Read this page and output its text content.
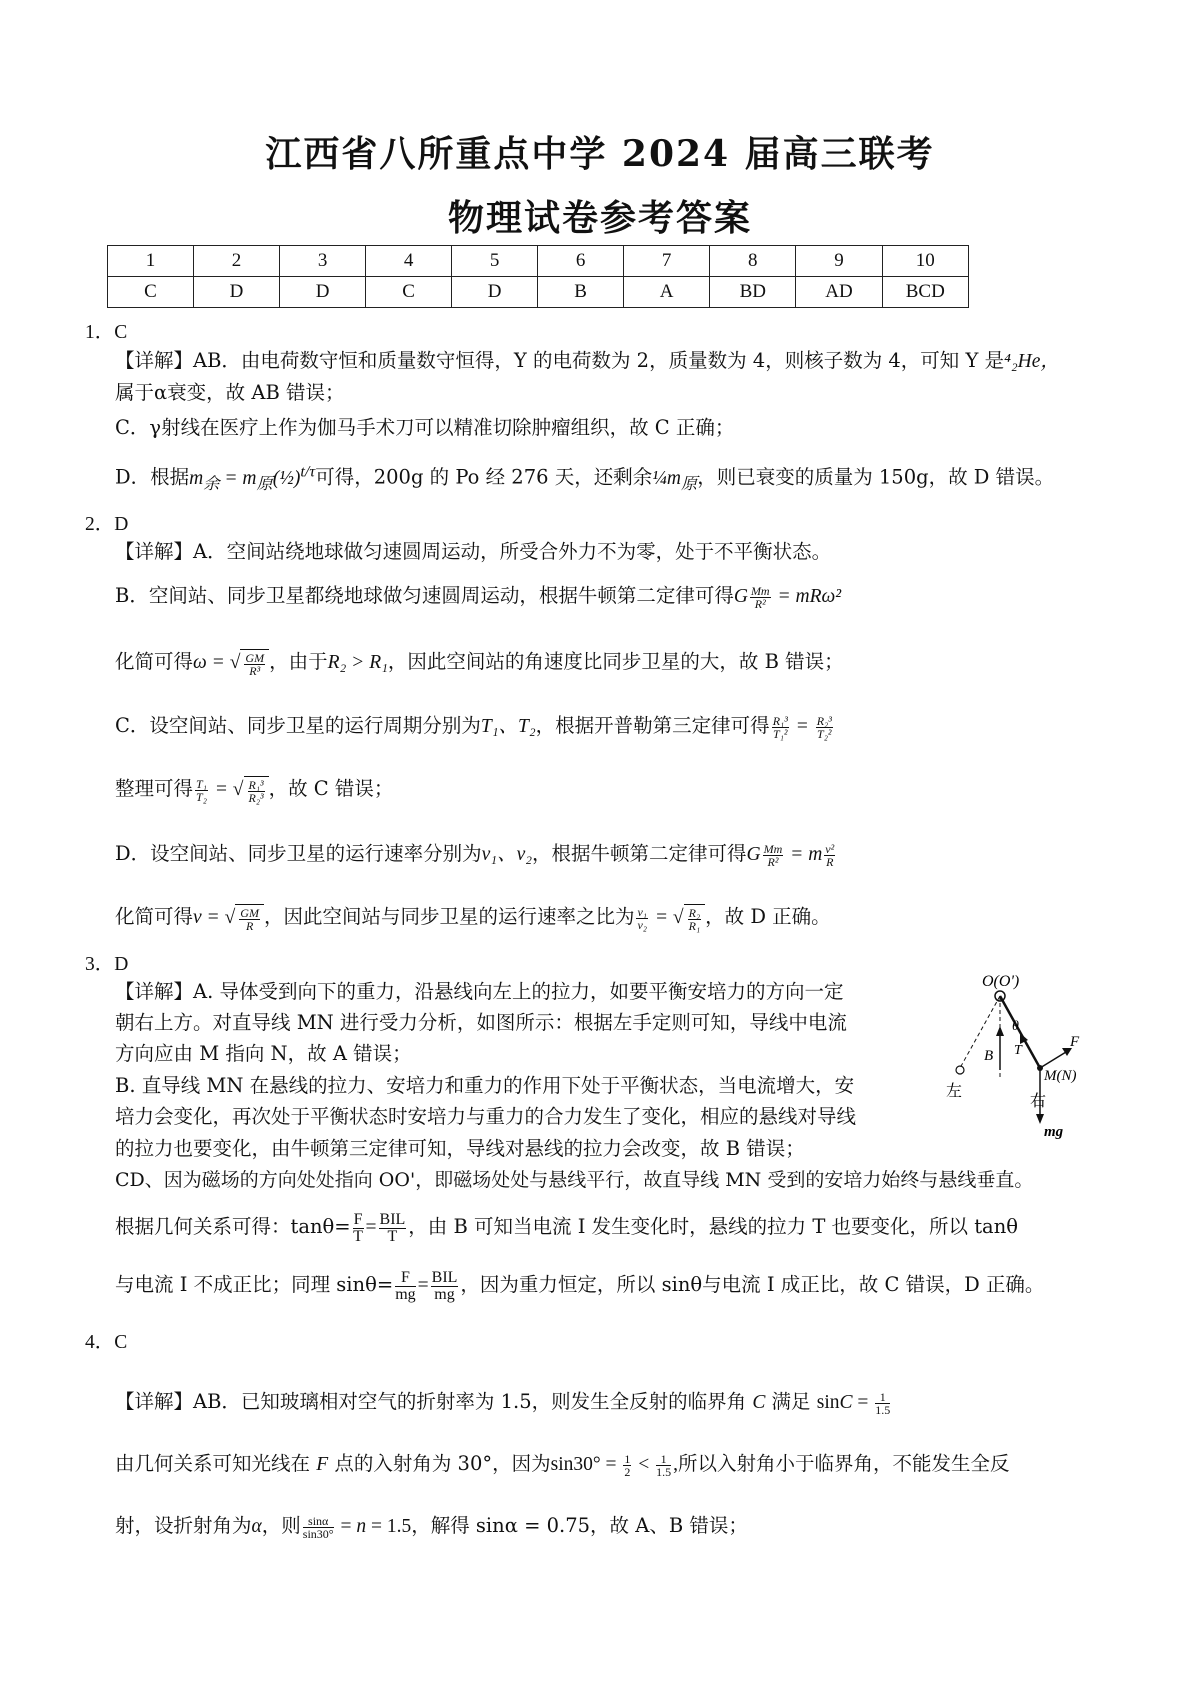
江西省八所重点中学 2024 届高三联考
物理试卷参考答案
1	2	3	4	5	6	7	8	9	10
C	D	D	C	D	B	A	BD	AD	BCD
1．C
【详解】AB．由电荷数守恒和质量数守恒得，Y 的电荷数为 2，质量数为 4，则核子数为 4，可知 Y 是⁴₂He，
属于α衰变，故 AB 错误；
C．γ射线在医疗上作为伽马手术刀可以精准切除肿瘤组织，故 C 正确；
D．根据$m_余$ = $m_原(\frac{1}{2})^{t/\tau}$可得，200g 的 Po 经 276 天，还剩余$\frac{1}{4}m_原$，则已衰变的质量为 150g，故 D 错误。
2．D
【详解】A．空间站绕地球做匀速圆周运动，所受合外力不为零，处于不平衡状态。
B．空间站、同步卫星都绕地球做匀速圆周运动，根据牛顿第二定律可得G $\frac{Mm}{\text{R²}} = mR\omega^2$
化简可得ω = √ $\frac{GM}{\text{R³}}$ ，由于R₂ > R₁，因此空间站的角速度比同步卫星的大，故 B 错误；
C．设空间站、同步卫星的运行周期分别为T₁、T₂，根据开普勒第三定律可得 $\frac{\text{R₁³}}{\text{T₁²}} = \frac{\text{R₂³}}{\text{T₂²}}$
整理可得 $\frac{\text{T₁}}{\text{T₂}}$ = √ $\frac{\text{R₁³}}{\text{R₂³}}$ ，故 C 错误；
D．设空间站、同步卫星的运行速率分别为v₁、v₂，根据牛顿第二定律可得G $\frac{Mm}{\text{R²}} = m \frac{\text{v²}}{R}$
化简可得v = √ $\frac{GM}{R}$ ，因此空间站与同步卫星的运行速率之比为 $\frac{\text{v₁}}{\text{v₂}}$ = √ $\frac{\text{R₂}}{\text{R₁}}$ ，故 D 正确。
3．D
【详解】A. 导体受到向下的重力，沿悬线向左上的拉力，如要平衡安培力的方向一定
朝右上方。对直导线 MN 进行受力分析，如图所示：根据左手定则可知，导线中电流
方向应由 M 指向 N，故 A 错误；
B. 直导线 MN 在悬线的拉力、安培力和重力的作用下处于平衡状态，当电流增大，安
培力会变化，再次处于平衡状态时安培力与重力的合力发生了变化，相应的悬线对导线
的拉力也要变化，由牛顿第三定律可知，导线对悬线的拉力会改变，故 B 错误；
CD、因为磁场的方向处处指向 OO'，即磁场处处与悬线平行，故直导线 MN 受到的安培力始终与悬线垂直。
根据几何关系可得：$\tan\theta= \frac{F}{T} = \frac{\text{BIL}}{T}$ ，由 B 可知当电流 I 发生变化时，悬线的拉力 T 也要变化，所以 tanθ
与电流 I 不成正比；同理 $\sin\theta= \frac{F}{mg} = \frac{\text{BIL}}{mg}$ ，因为重力恒定，所以 sinθ与电流 I 成正比，故 C 错误，D 正确。
O(O')
θ
T
B
F
M(N)
左
右
mg
4．C
【详解】AB．已知玻璃相对空气的折射率为 1.5，则发生全反射的临界角 C 满足 $\sin C = \frac{1}{1.5}$
由几何关系可知光线在 F 点的入射角为 30°，因为$\sin 30^\circ = \frac{1}{2} < \frac{1}{1.5}$ ,所以入射角小于临界角，不能发生全反
射，设折射角为α，则 $\frac{\sin\alpha}{\sin 30^\circ} = n = 1.5$，解得 sinα = 0.75，故 A、B 错误；
